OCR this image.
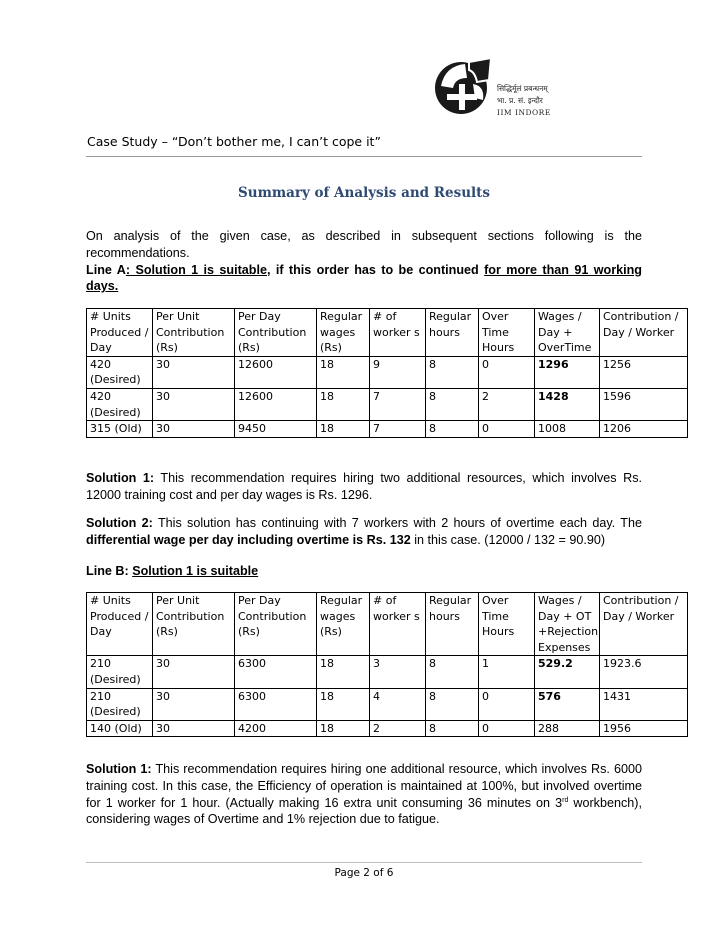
सिद्धिर्मूलं प्रबन्धनम्
भा. प्र. सं. इन्दौर
IIM INDORE
Case Study – “Don’t bother me, I can’t cope it”
Summary of Analysis and Results
On analysis of the given case, as described in subsequent sections following is the recommendations.
Line A: Solution 1 is suitable, if this order has to be continued for more than 91 working days.
# Units Produced / Day	Per Unit Contribution (Rs)	Per Day Contribution (Rs)	Regular wages (Rs)	# of worker s	Regular hours	Over Time Hours	Wages / Day + OverTime	Contribution / Day / Worker
420 (Desired)	30	12600	18	9	8	0	1296	1256
420 (Desired)	30	12600	18	7	8	2	1428	1596
315 (Old)	30	9450	18	7	8	0	1008	1206
Solution 1: This recommendation requires hiring two additional resources, which involves Rs. 12000 training cost and per day wages is Rs. 1296.
Solution 2: This solution has continuing with 7 workers with 2 hours of overtime each day. The differential wage per day including overtime is Rs. 132 in this case. (12000 / 132 = 90.90)
Line B: Solution 1 is suitable
# Units Produced / Day	Per Unit Contribution (Rs)	Per Day Contribution (Rs)	Regular wages (Rs)	# of worker s	Regular hours	Over Time Hours	Wages / Day + OT +Rejection Expenses	Contribution / Day / Worker
210 (Desired)	30	6300	18	3	8	1	529.2	1923.6
210 (Desired)	30	6300	18	4	8	0	576	1431
140 (Old)	30	4200	18	2	8	0	288	1956
Solution 1: This recommendation requires hiring one additional resource, which involves Rs. 6000 training cost. In this case, the Efficiency of operation is maintained at 100%, but involved overtime for 1 worker for 1 hour. (Actually making 16 extra unit consuming 36 minutes on 3rd workbench), considering wages of Overtime and 1% rejection due to fatigue.
Page 2 of 6
